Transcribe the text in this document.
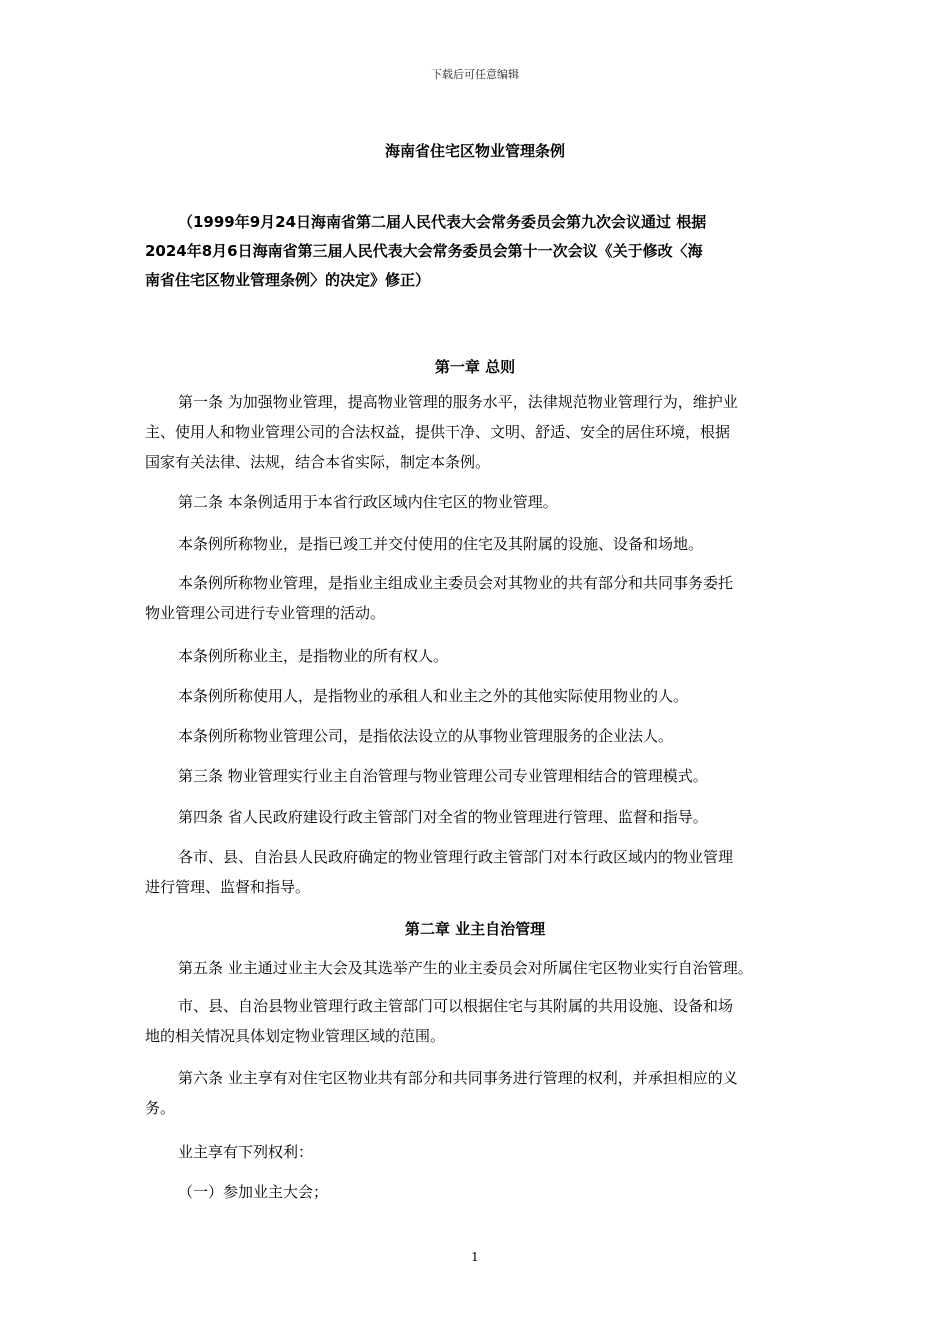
下载后可任意编辑
海南省住宅区物业管理条例
（1999年9月24日海南省第二届人民代表大会常务委员会第九次会议通过 根据
2024年8月6日海南省第三届人民代表大会常务委员会第十一次会议《关于修改〈海
南省住宅区物业管理条例〉的决定》修正）
第一章 总则
第一条 为加强物业管理，提高物业管理的服务水平，法律规范物业管理行为，维护业
主、使用人和物业管理公司的合法权益，提供干净、文明、舒适、安全的居住环境，根据
国家有关法律、法规，结合本省实际，制定本条例。
第二条 本条例适用于本省行政区域内住宅区的物业管理。
本条例所称物业，是指已竣工并交付使用的住宅及其附属的设施、设备和场地。
本条例所称物业管理，是指业主组成业主委员会对其物业的共有部分和共同事务委托
物业管理公司进行专业管理的活动。
本条例所称业主，是指物业的所有权人。
本条例所称使用人，是指物业的承租人和业主之外的其他实际使用物业的人。
本条例所称物业管理公司，是指依法设立的从事物业管理服务的企业法人。
第三条 物业管理实行业主自治管理与物业管理公司专业管理相结合的管理模式。
第四条 省人民政府建设行政主管部门对全省的物业管理进行管理、监督和指导。
各市、县、自治县人民政府确定的物业管理行政主管部门对本行政区域内的物业管理
进行管理、监督和指导。
第二章 业主自治管理
第五条 业主通过业主大会及其选举产生的业主委员会对所属住宅区物业实行自治管理。
市、县、自治县物业管理行政主管部门可以根据住宅与其附属的共用设施、设备和场
地的相关情况具体划定物业管理区域的范围。
第六条 业主享有对住宅区物业共有部分和共同事务进行管理的权利，并承担相应的义
务。
业主享有下列权利：
（一）参加业主大会；
1
